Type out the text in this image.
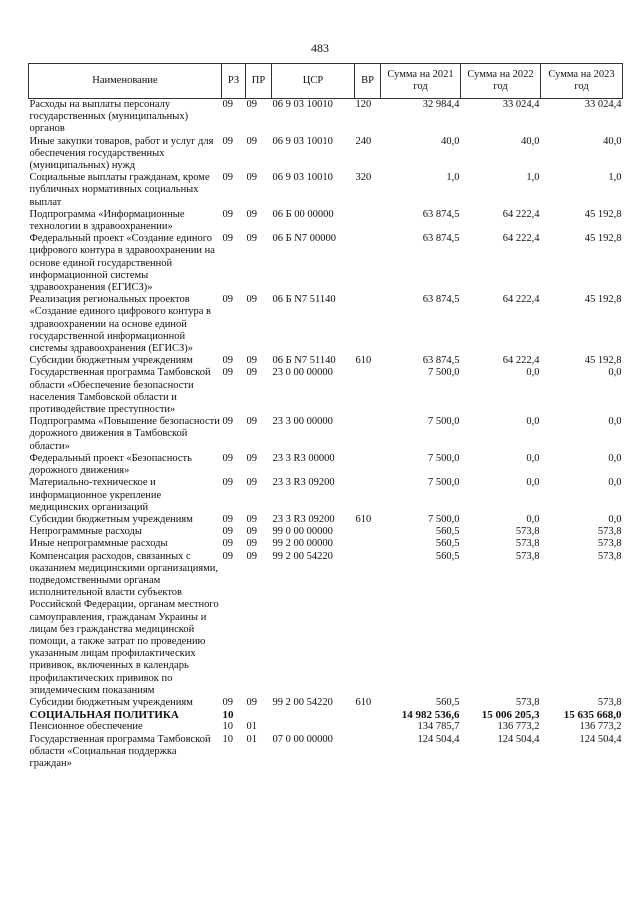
483
Наименование	РЗ	ПР	ЦСР	ВР	Сумма на 2021 год	Сумма на 2022 год	Сумма на 2023 год
Расходы на выплаты персоналу государственных (муниципальных) органов	09	09	06 9 03 10010	120	32 984,4	33 024,4	33 024,4
Иные закупки товаров, работ и услуг для обеспечения государственных (муниципальных) нужд	09	09	06 9 03 10010	240	40,0	40,0	40,0
Социальные выплаты гражданам, кроме публичных нормативных социальных выплат	09	09	06 9 03 10010	320	1,0	1,0	1,0
Подпрограмма «Информационные технологии в здравоохранении»	09	09	06 Б 00 00000		63 874,5	64 222,4	45 192,8
Федеральный проект «Создание единого цифрового контура в здравоохранении на основе единой государственной информационной системы здравоохранения (ЕГИСЗ)»	09	09	06 Б N7 00000		63 874,5	64 222,4	45 192,8
Реализация региональных проектов «Создание единого цифрового контура в здравоохранении на основе единой государственной информационной системы здравоохранения (ЕГИСЗ)»	09	09	06 Б N7 51140		63 874,5	64 222,4	45 192,8
Субсидии бюджетным учреждениям	09	09	06 Б N7 51140	610	63 874,5	64 222,4	45 192,8
Государственная программа Тамбовской области «Обеспечение безопасности населения Тамбовской области и противодействие преступности»	09	09	23 0 00 00000		7 500,0	0,0	0,0
Подпрограмма «Повышение безопасности дорожного движения в Тамбовской области»	09	09	23 3 00 00000		7 500,0	0,0	0,0
Федеральный проект «Безопасность дорожного движения»	09	09	23 3 R3 00000		7 500,0	0,0	0,0
Материально-техническое и информационное укрепление медицинских организаций	09	09	23 3 R3 09200		7 500,0	0,0	0,0
Субсидии бюджетным учреждениям	09	09	23 3 R3 09200	610	7 500,0	0,0	0,0
Непрограммные расходы	09	09	99 0 00 00000		560,5	573,8	573,8
Иные непрограммные расходы	09	09	99 2 00 00000		560,5	573,8	573,8
Компенсация расходов, связанных с оказанием медицинскими организациями, подведомственными органам исполнительной власти субъектов Российской Федерации, органам местного самоуправления, гражданам Украины и лицам без гражданства медицинской помощи, а также затрат по проведению указанным лицам профилактических прививок, включенных в календарь профилактических прививок по эпидемическим показаниям	09	09	99 2 00 54220		560,5	573,8	573,8
Субсидии бюджетным учреждениям	09	09	99 2 00 54220	610	560,5	573,8	573,8
СОЦИАЛЬНАЯ ПОЛИТИКА	10				14 982 536,6	15 006 205,3	15 635 668,0
Пенсионное обеспечение	10	01			134 785,7	136 773,2	136 773,2
Государственная программа Тамбовской области «Социальная поддержка граждан»	10	01	07 0 00 00000		124 504,4	124 504,4	124 504,4
